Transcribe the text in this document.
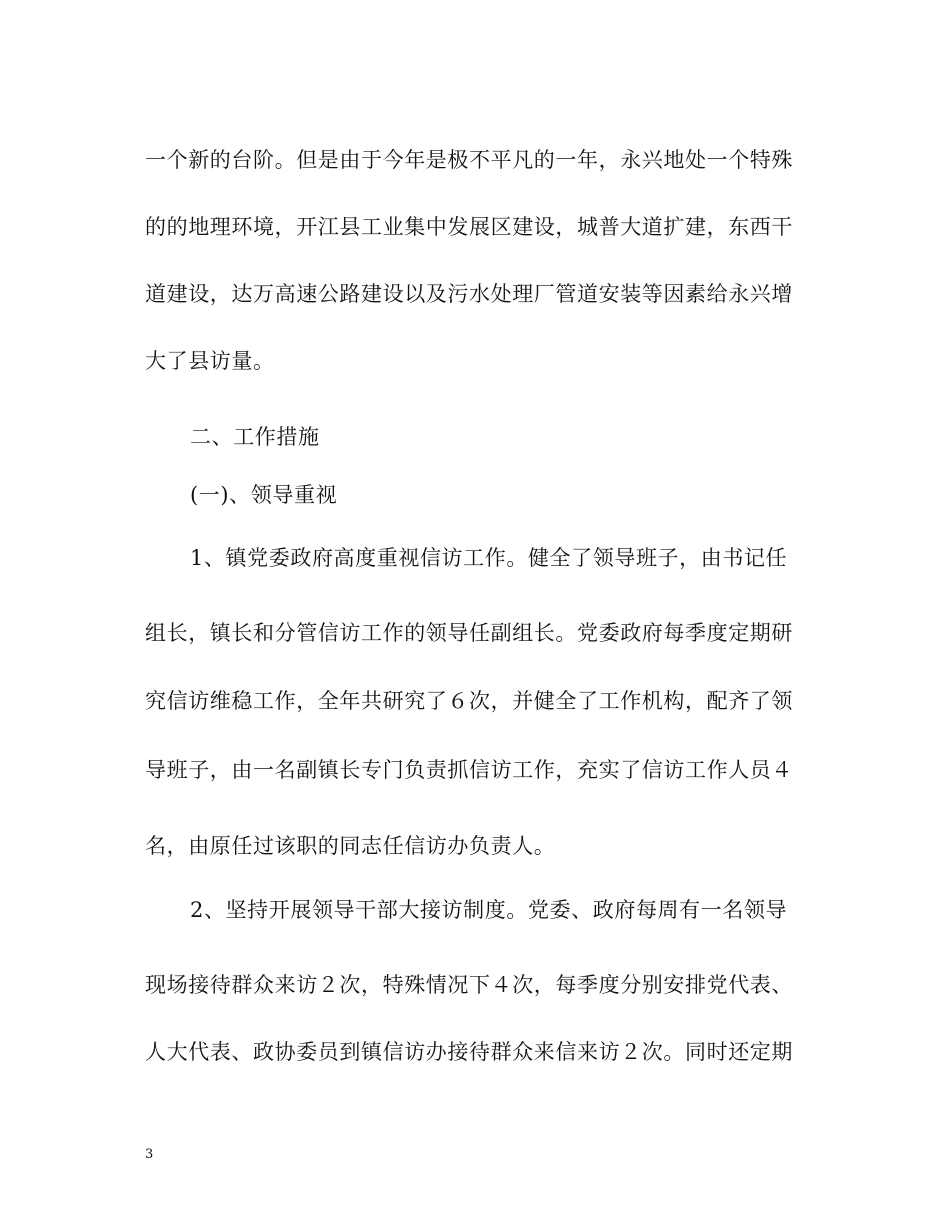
一个新的台阶。但是由于今年是极不平凡的一年，永兴地处一个特殊
的的地理环境，开江县工业集中发展区建设，城普大道扩建，东西干
道建设，达万高速公路建设以及污水处理厂管道安装等因素给永兴增
大了县访量。
二、工作措施
(一)、领导重视
1、镇党委政府高度重视信访工作。健全了领导班子，由书记任
组长，镇长和分管信访工作的领导任副组长。党委政府每季度定期研
究信访维稳工作，全年共研究了６次，并健全了工作机构，配齐了领
导班子，由一名副镇长专门负责抓信访工作，充实了信访工作人员４
名，由原任过该职的同志任信访办负责人。
2、坚持开展领导干部大接访制度。党委、政府每周有一名领导
现场接待群众来访２次，特殊情况下４次，每季度分别安排党代表、
人大代表、政协委员到镇信访办接待群众来信来访２次。同时还定期
3
